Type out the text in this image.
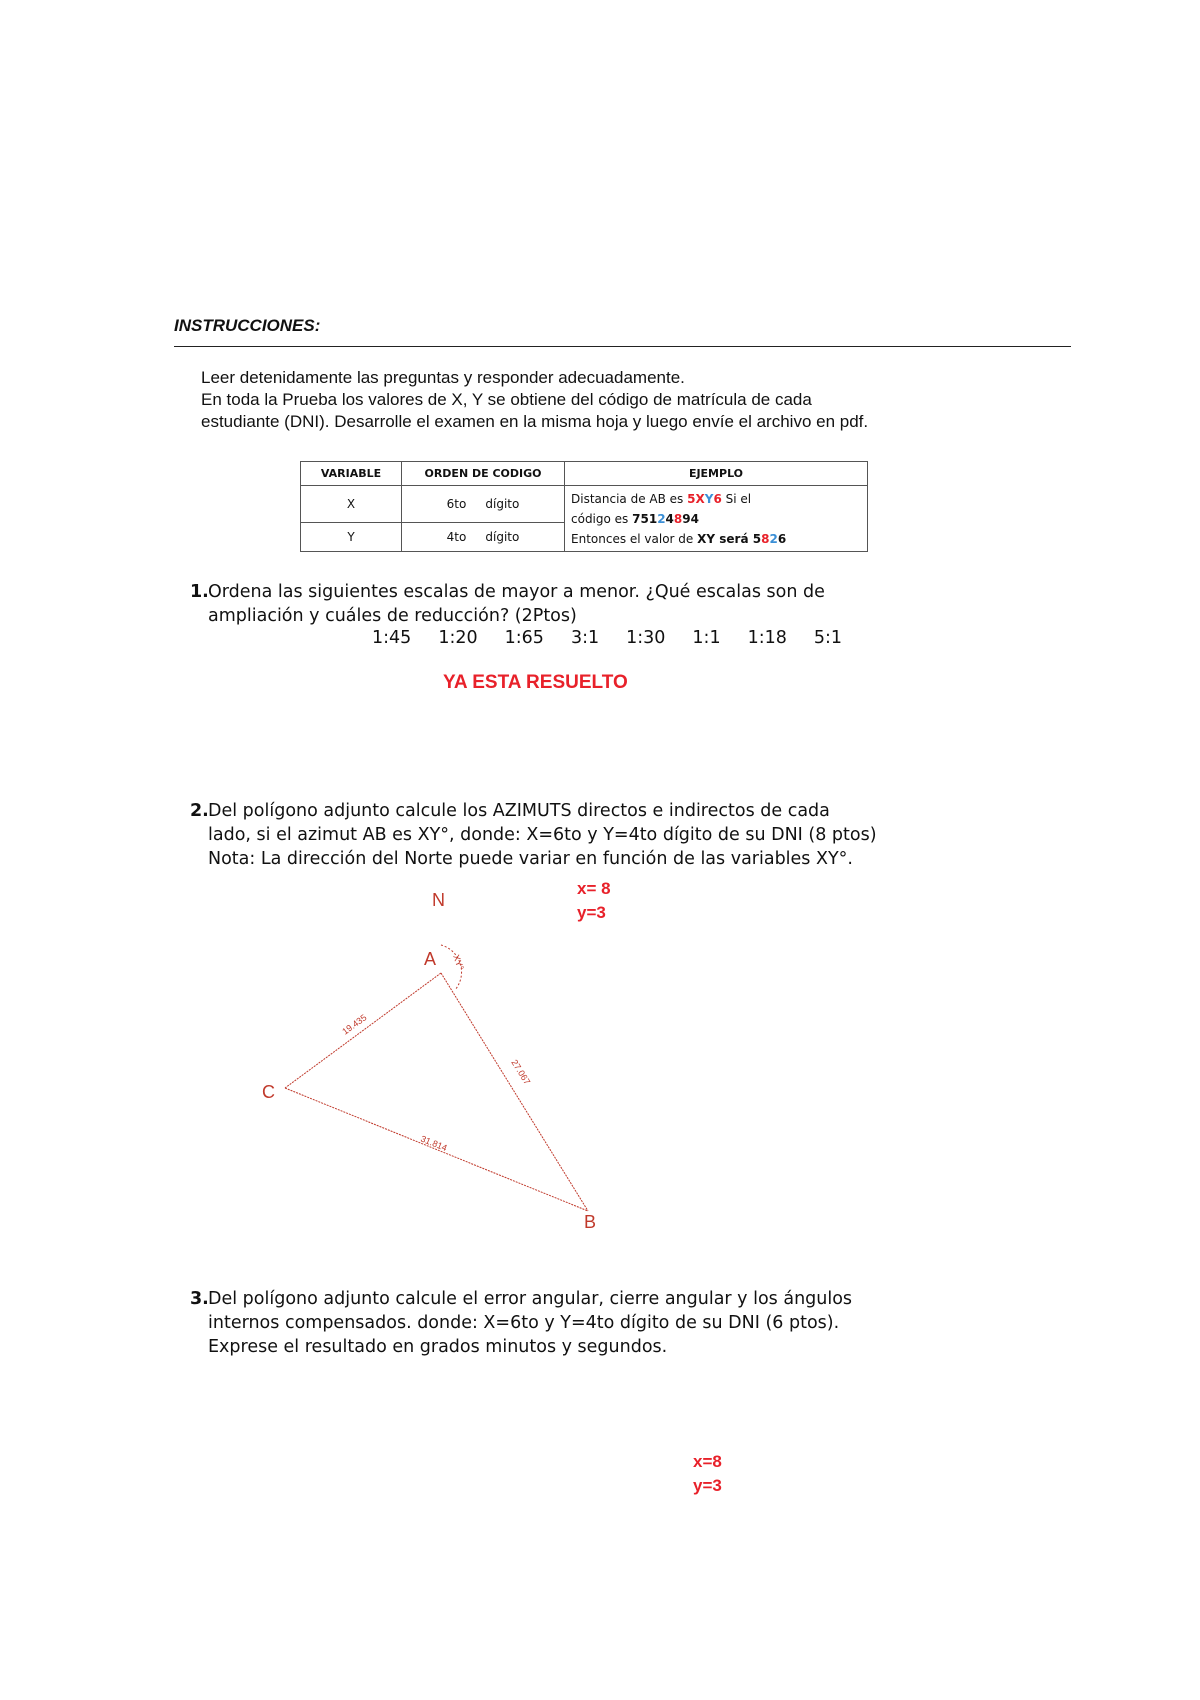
INSTRUCCIONES:
Leer detenidamente las preguntas y responder adecuadamente.
En toda la Prueba los valores de X, Y se obtiene del código de matrícula de cada
estudiante (DNI). Desarrolle el examen en la misma hoja y luego envíe el archivo en pdf.
VARIABLE	ORDEN DE CODIGO	EJEMPLO
X	6to     dígito	Distancia de AB es 5XY6 Si el
código es 75124894
Entonces el valor de XY será 5826

Y	4to     dígito	
1. Ordena las siguientes escalas de mayor a menor. ¿Qué escalas son de
ampliación y cuáles de reducción? (2Ptos)
1:45 1:20 1:65 3:1 1:30 1:1 1:18 5:1
YA ESTA RESUELTO
2. Del polígono adjunto calcule los AZIMUTS directos e indirectos de cada
lado, si el azimut AB es XY°, donde: X=6to y Y=4to dígito de su DNI (8 ptos)
Nota: La dirección del Norte puede variar en función de las variables XY°.
x= 8
y=3
N
A
C
B
XY°
19.435
27.067
31.814
3. Del polígono adjunto calcule el error angular, cierre angular y los ángulos
internos compensados. donde: X=6to y Y=4to dígito de su DNI (6 ptos).
Exprese el resultado en grados minutos y segundos.
x=8
y=3
